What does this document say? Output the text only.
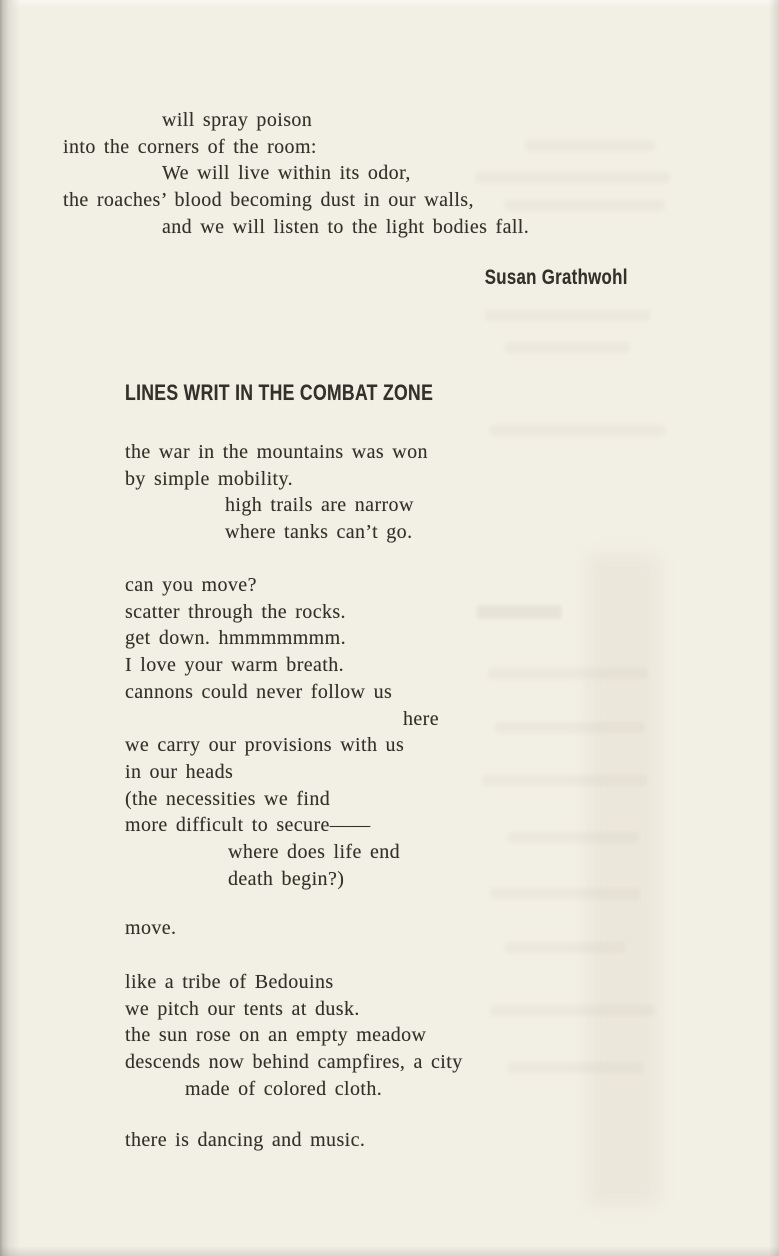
will spray poison
into the corners of the room:
We will live within its odor,
the roaches’ blood becoming dust in our walls,
and we will listen to the light bodies fall.
Susan Grathwohl
LINES WRIT IN THE COMBAT ZONE
the war in the mountains was won
by simple mobility.
high trails are narrow
where tanks can’t go.
can you move?
scatter through the rocks.
get down. hmmmmmmm.
I love your warm breath.
cannons could never follow us
here
we carry our provisions with us
in our heads
(the necessities we find
more difficult to secure——
where does life end
death begin?)
move.
like a tribe of Bedouins
we pitch our tents at dusk.
the sun rose on an empty meadow
descends now behind campfires, a city
made of colored cloth.
there is dancing and music.
